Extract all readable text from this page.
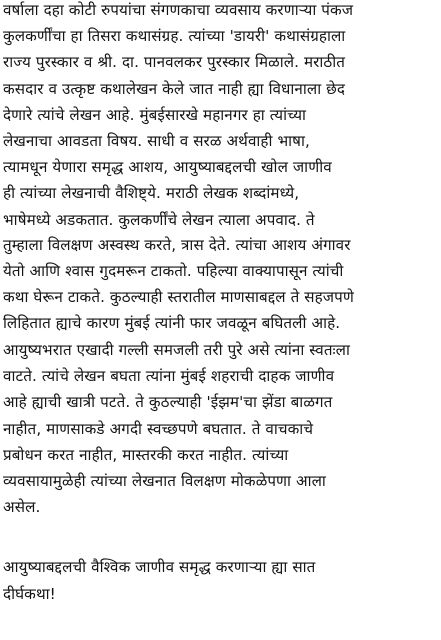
वर्षाला दहा कोटी रुपयांचा संगणकाचा व्यवसाय करणाऱ्या पंकज
कुलकर्णींचा हा तिसरा कथासंग्रह. त्यांच्या 'डायरी' कथासंग्रहाला
राज्य पुरस्कार व श्री. दा. पानवलकर पुरस्कार मिळाले. मराठीत
कसदार व उत्कृष्ट कथालेखन केले जात नाही ह्या विधानाला छेद
देणारे त्यांचे लेखन आहे. मुंबईसारखे महानगर हा त्यांच्या
लेखनाचा आवडता विषय. साधी व सरळ अर्थवाही भाषा,
त्यामधून येणारा समृद्ध आशय, आयुष्याबद्दलची खोल जाणीव
ही त्यांच्या लेखनाची वैशिष्ट्ये. मराठी लेखक शब्दांमध्ये,
भाषेमध्ये अडकतात. कुलकर्णींचे लेखन त्याला अपवाद. ते
तुम्हाला विलक्षण अस्वस्थ करते, त्रास देते. त्यांचा आशय अंगावर
येतो आणि श्वास गुदमरून टाकतो. पहिल्या वाक्यापासून त्यांची
कथा घेरून टाकते. कुठल्याही स्तरातील माणसाबद्दल ते सहजपणे
लिहितात ह्याचे कारण मुंबई त्यांनी फार जवळून बघितली आहे.
आयुष्यभरात एखादी गल्ली समजली तरी पुरे असे त्यांना स्वतःला
वाटते. त्यांचे लेखन बघता त्यांना मुंबई शहराची दाहक जाणीव
आहे ह्याची खात्री पटते. ते कुठल्याही 'ईझम'चा झेंडा बाळगत
नाहीत, माणसाकडे अगदी स्वच्छपणे बघतात. ते वाचकाचे
प्रबोधन करत नाहीत, मास्तरकी करत नाहीत. त्यांच्या
व्यवसायामुळेही त्यांच्या लेखनात विलक्षण मोकळेपणा आला
असेल.
आयुष्याबद्दलची वैश्विक जाणीव समृद्ध करणाऱ्या ह्या सात
दीर्घकथा!
